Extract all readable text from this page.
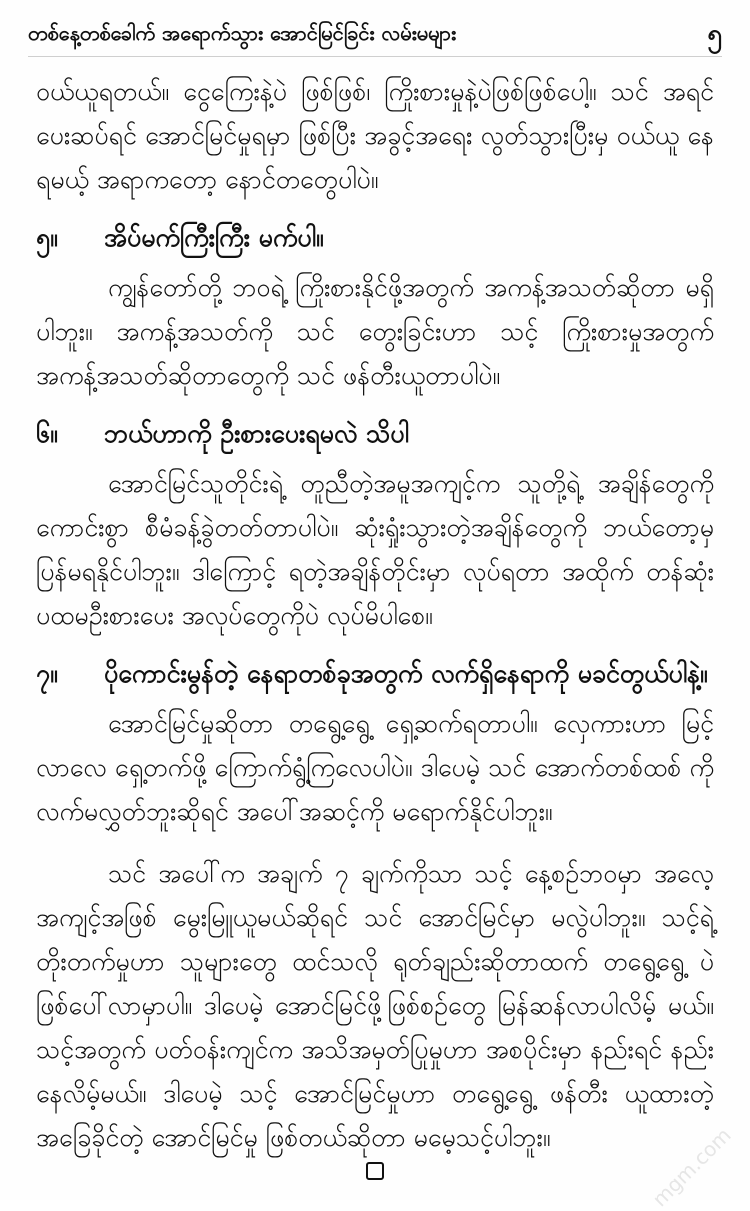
တစ်နေ့တစ်ခေါက် အရောက်သွား အောင်မြင်ခြင်း လမ်းမများ	၅

ဝယ်ယူရတယ်။ ငွေကြေးနဲ့ပဲ ဖြစ်ဖြစ်၊ ကြိုးစားမှုနဲ့ပဲဖြစ်ဖြစ်ပေါ့။ သင် အရင် ပေးဆပ်ရင် အောင်မြင်မှုရမှာ ဖြစ်ပြီး အခွင့်အရေး လွတ်သွားပြီးမှ ဝယ်ယူ နေရမယ့် အရာကတော့ နောင်တတွေပါပဲ။

၅။	အိပ်မက်ကြီးကြီး မက်ပါ။

ကျွန်တော်တို့ ဘဝရဲ့ ကြိုးစားနိုင်ဖို့အတွက် အကန့်အသတ်ဆိုတာ မရှိပါဘူး။ အကန့်အသတ်ကို သင် တွေးခြင်းဟာ သင့် ကြိုးစားမှုအတွက် အကန့်အသတ်ဆိုတာတွေကို သင် ဖန်တီးယူတာပါပဲ။

၆။	ဘယ်ဟာကို ဦးစားပေးရမလဲ သိပါ

အောင်မြင်သူတိုင်းရဲ့ တူညီတဲ့အမူအကျင့်က သူတို့ရဲ့ အချိန်တွေကို ကောင်းစွာ စီမံခန့်ခွဲတတ်တာပါပဲ။ ဆုံးရှုံးသွားတဲ့အချိန်တွေကို ဘယ်တော့မှ ပြန်မရနိုင်ပါဘူး။ ဒါကြောင့် ရတဲ့အချိန်တိုင်းမှာ လုပ်ရတာ အထိုက် တန်ဆုံး ပထမဦးစားပေး အလုပ်တွေကိုပဲ လုပ်မိပါစေ။

၇။	ပိုကောင်းမွန်တဲ့ နေရာတစ်ခုအတွက် လက်ရှိနေရာကို မခင်တွယ်ပါနဲ့။

အောင်မြင်မှုဆိုတာ တရွေ့ရွေ့ ရှေ့ဆက်ရတာပါ။ လှေကားဟာ မြင့် လာလေ ရှေ့တက်ဖို့ ကြောက်ရွံ့ကြလေပါပဲ။ ဒါပေမဲ့ သင် အောက်တစ်ထစ် ကို လက်မလွှတ်ဘူးဆိုရင် အပေါ်အဆင့်ကို မရောက်နိုင်ပါဘူး။

သင် အပေါ်က အချက် ၇ ချက်ကိုသာ သင့် နေ့စဉ်ဘဝမှာ အလေ့ အကျင့်အဖြစ် မွေးမြူယူမယ်ဆိုရင် သင် အောင်မြင်မှာ မလွဲပါဘူး။ သင့်ရဲ့ တိုးတက်မှုဟာ သူများတွေ ထင်သလို ရုတ်ချည်းဆိုတာထက် တရွေ့ရွေ့ ပဲ ဖြစ်ပေါ်လာမှာပါ။ ဒါပေမဲ့ အောင်မြင်ဖို့ဖြစ်စဉ်တွေ မြန်ဆန်လာပါလိမ့် မယ်။ သင့်အတွက် ပတ်ဝန်းကျင်က အသိအမှတ်ပြုမှုဟာ အစပိုင်းမှာ နည်းရင် နည်းနေလိမ့်မယ်။ ဒါပေမဲ့ သင့် အောင်မြင်မှုဟာ တရွေ့ရွေ့ ဖန်တီး ယူထားတဲ့ အခြေခိုင်တဲ့ အောင်မြင်မှု ဖြစ်တယ်ဆိုတာ မမေ့သင့်ပါဘူး။	mgm.com
